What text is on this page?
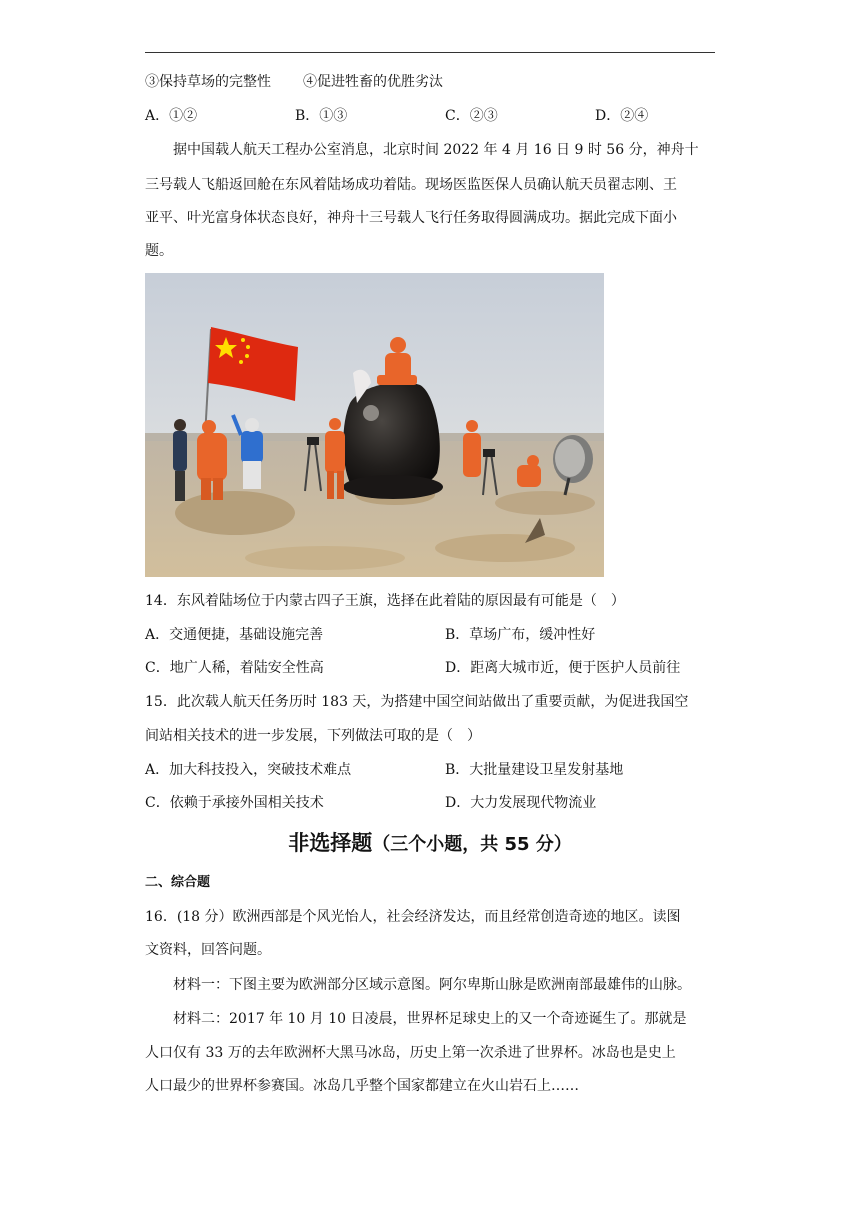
③保持草场的完整性 ④促进牲畜的优胜劣汰
A．①②	B．①③	C．②③	D．②④
据中国载人航天工程办公室消息，北京时间 2022 年 4 月 16 日 9 时 56 分，神舟十
三号载人飞船返回舱在东风着陆场成功着陆。现场医监医保人员确认航天员翟志刚、王
亚平、叶光富身体状态良好，神舟十三号载人飞行任务取得圆满成功。据此完成下面小
题。
14．东风着陆场位于内蒙古四子王旗，选择在此着陆的原因最有可能是（　）
A．交通便捷，基础设施完善	B．草场广布，缓冲性好
C．地广人稀，着陆安全性高	D．距离大城市近，便于医护人员前往
15．此次载人航天任务历时 183 天，为搭建中国空间站做出了重要贡献，为促进我国空
间站相关技术的进一步发展，下列做法可取的是（　）
A．加大科技投入，突破技术难点	B．大批量建设卫星发射基地
C．依赖于承接外国相关技术	D．大力发展现代物流业
非选择题（三个小题，共 55 分）
二、综合题
16．(18 分）欧洲西部是个风光怡人，社会经济发达，而且经常创造奇迹的地区。读图
文资料，回答问题。
材料一：下图主要为欧洲部分区域示意图。阿尔卑斯山脉是欧洲南部最雄伟的山脉。
材料二：2017 年 10 月 10 日凌晨，世界杯足球史上的又一个奇迹诞生了。那就是
人口仅有 33 万的去年欧洲杯大黑马冰岛，历史上第一次杀进了世界杯。冰岛也是史上
人口最少的世界杯参赛国。冰岛几乎整个国家都建立在火山岩石上……
